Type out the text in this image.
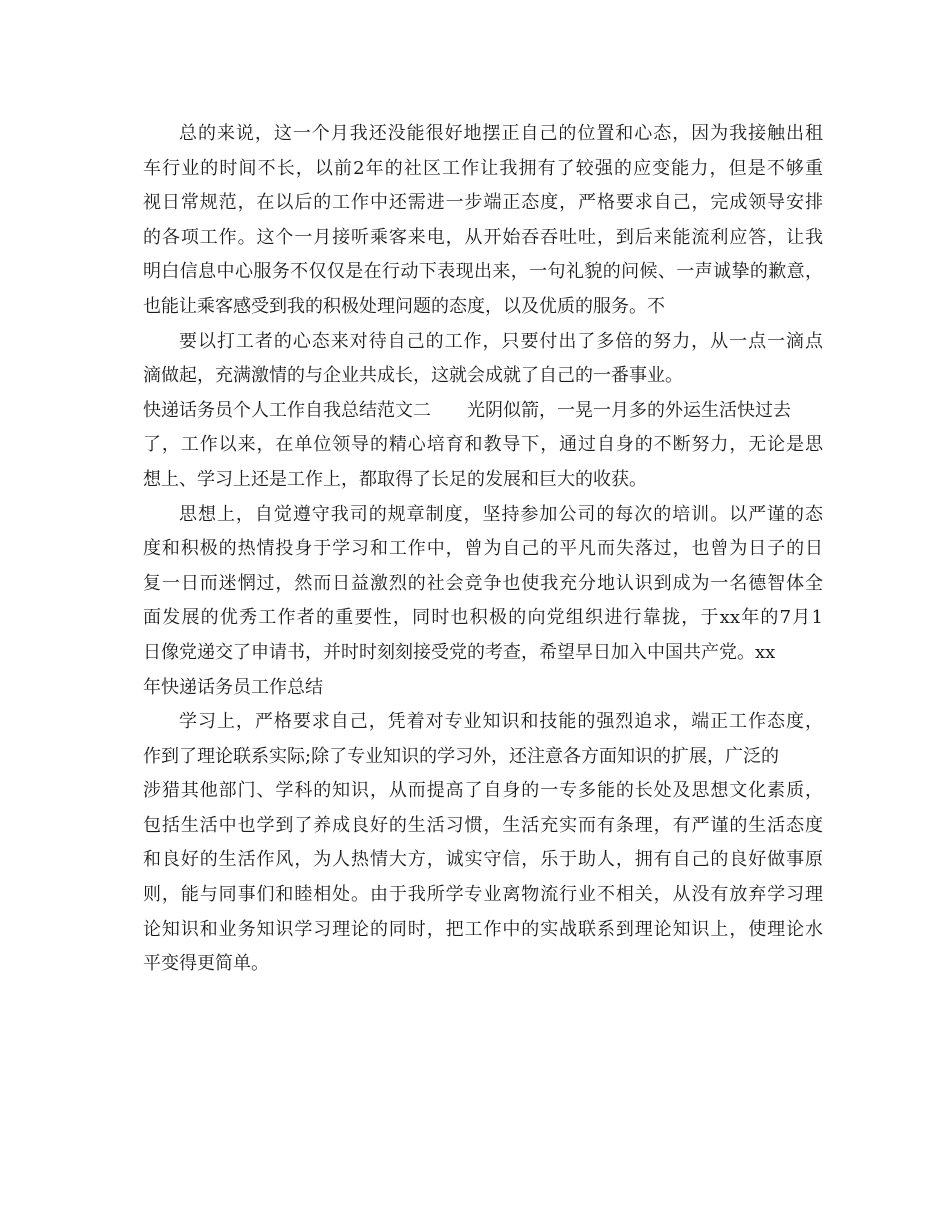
总的来说，这一个月我还没能很好地摆正自己的位置和心态，因为我接触出租
车行业的时间不长，以前2年的社区工作让我拥有了较强的应变能力，但是不够重
视日常规范，在以后的工作中还需进一步端正态度，严格要求自己，完成领导安排
的各项工作。这个一月接听乘客来电，从开始吞吞吐吐，到后来能流利应答，让我
明白信息中心服务不仅仅是在行动下表现出来，一句礼貌的问候、一声诚挚的歉意，
也能让乘客感受到我的积极处理问题的态度，以及优质的服务。不
要以打工者的心态来对待自己的工作，只要付出了多倍的努力，从一点一滴点
滴做起，充满激情的与企业共成长，这就会成就了自己的一番事业。
快递话务员个人工作自我总结范文二 光阴似箭，一晃一月多的外运生活快过去
了，工作以来，在单位领导的精心培育和教导下，通过自身的不断努力，无论是思
想上、学习上还是工作上，都取得了长足的发展和巨大的收获。
思想上，自觉遵守我司的规章制度，坚持参加公司的每次的培训。以严谨的态
度和积极的热情投身于学习和工作中，曾为自己的平凡而失落过，也曾为日子的日
复一日而迷惘过，然而日益激烈的社会竞争也使我充分地认识到成为一名德智体全
面发展的优秀工作者的重要性，同时也积极的向党组织进行靠拢，于xx年的7月1
日像党递交了申请书，并时时刻刻接受党的考查，希望早日加入中国共产党。xx
年快递话务员工作总结
学习上，严格要求自己，凭着对专业知识和技能的强烈追求，端正工作态度，
作到了理论联系实际;除了专业知识的学习外，还注意各方面知识的扩展，广泛的
涉猎其他部门、学科的知识，从而提高了自身的一专多能的长处及思想文化素质，
包括生活中也学到了养成良好的生活习惯，生活充实而有条理，有严谨的生活态度
和良好的生活作风，为人热情大方，诚实守信，乐于助人，拥有自己的良好做事原
则，能与同事们和睦相处。由于我所学专业离物流行业不相关，从没有放弃学习理
论知识和业务知识学习理论的同时，把工作中的实战联系到理论知识上，使理论水
平变得更简单。
